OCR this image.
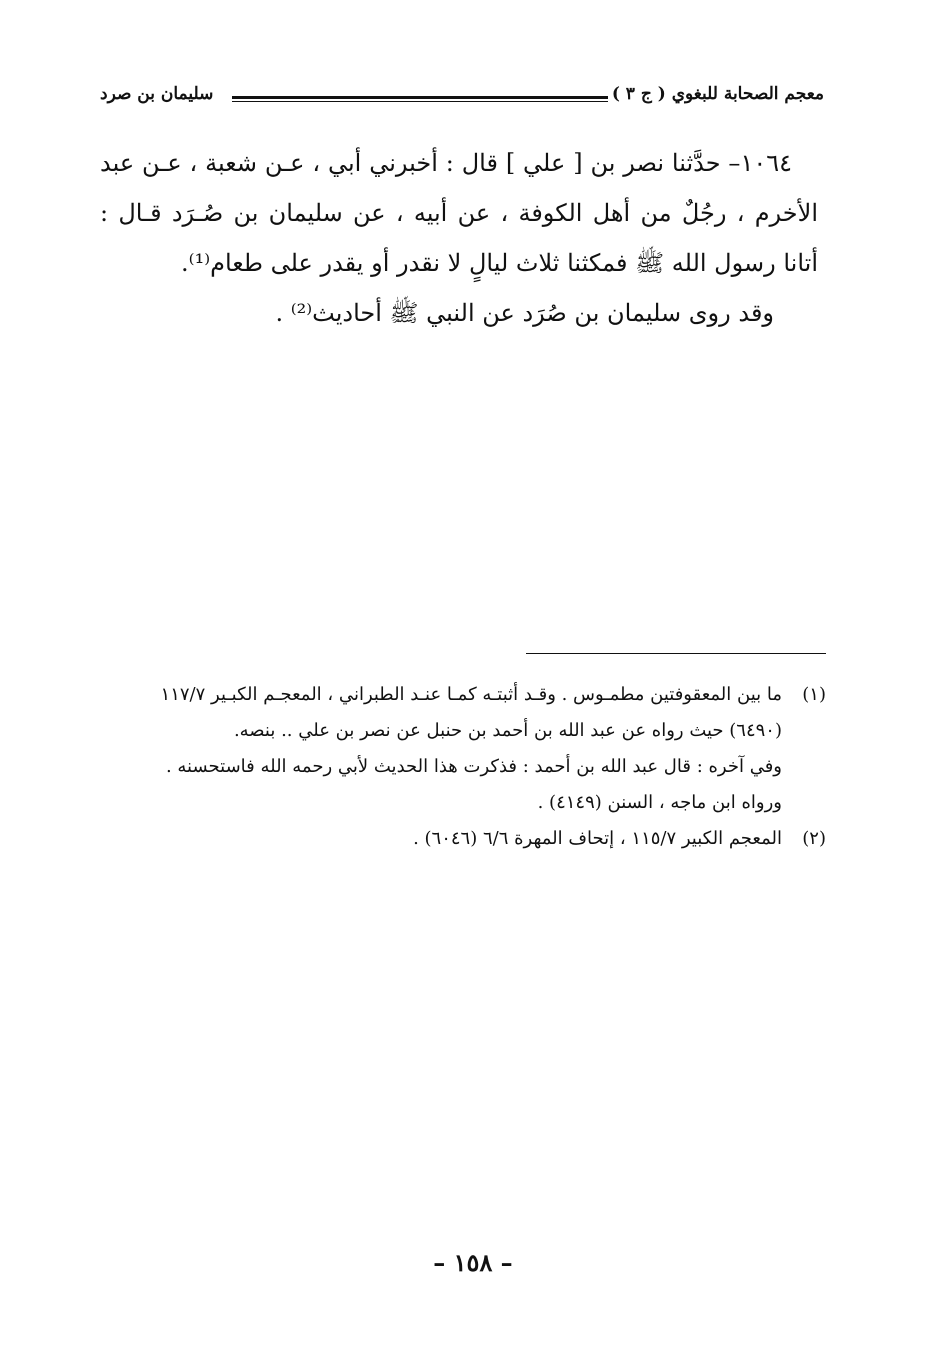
معجم الصحابة للبغوي ( ج ٣ )
سليمان بن صرد

١٠٦٤– حدَّثنا نصر بن [ علي ] قال : أخبرني أبي ، عـن شعبة ، عـن عبد الأخرم ، رجُلٌ من أهل الكوفة ، عن أبيه ، عن سليمان بن صُـرَد قـال : أتانا رسول الله ﷺ فمكثنا ثلاث ليالٍ لا نقدر أو يقدر على طعام⁽¹⁾.

وقد روى سليمان بن صُرَد عن النبي ﷺ أحاديث⁽²⁾ .

(١)
ما بين المعقوفتين مطمـوس . وقـد أثبتـه كمـا عنـد الطبراني ، المعجـم الكبـير ١١٧/٧
(٦٤٩٠) حيث رواه عن عبد الله بن أحمد بن حنبل عن نصر بن علي .. بنصه.
وفي آخره : قال عبد الله بن أحمد : فذكرت هذا الحديث لأبي رحمه الله فاستحسنه .
ورواه ابن ماجه ، السنن (٤١٤٩) .
(٢)
المعجم الكبير ١١٥/٧ ، إتحاف المهرة ٦/٦ (٦٠٤٦) .
– ١٥٨ –
